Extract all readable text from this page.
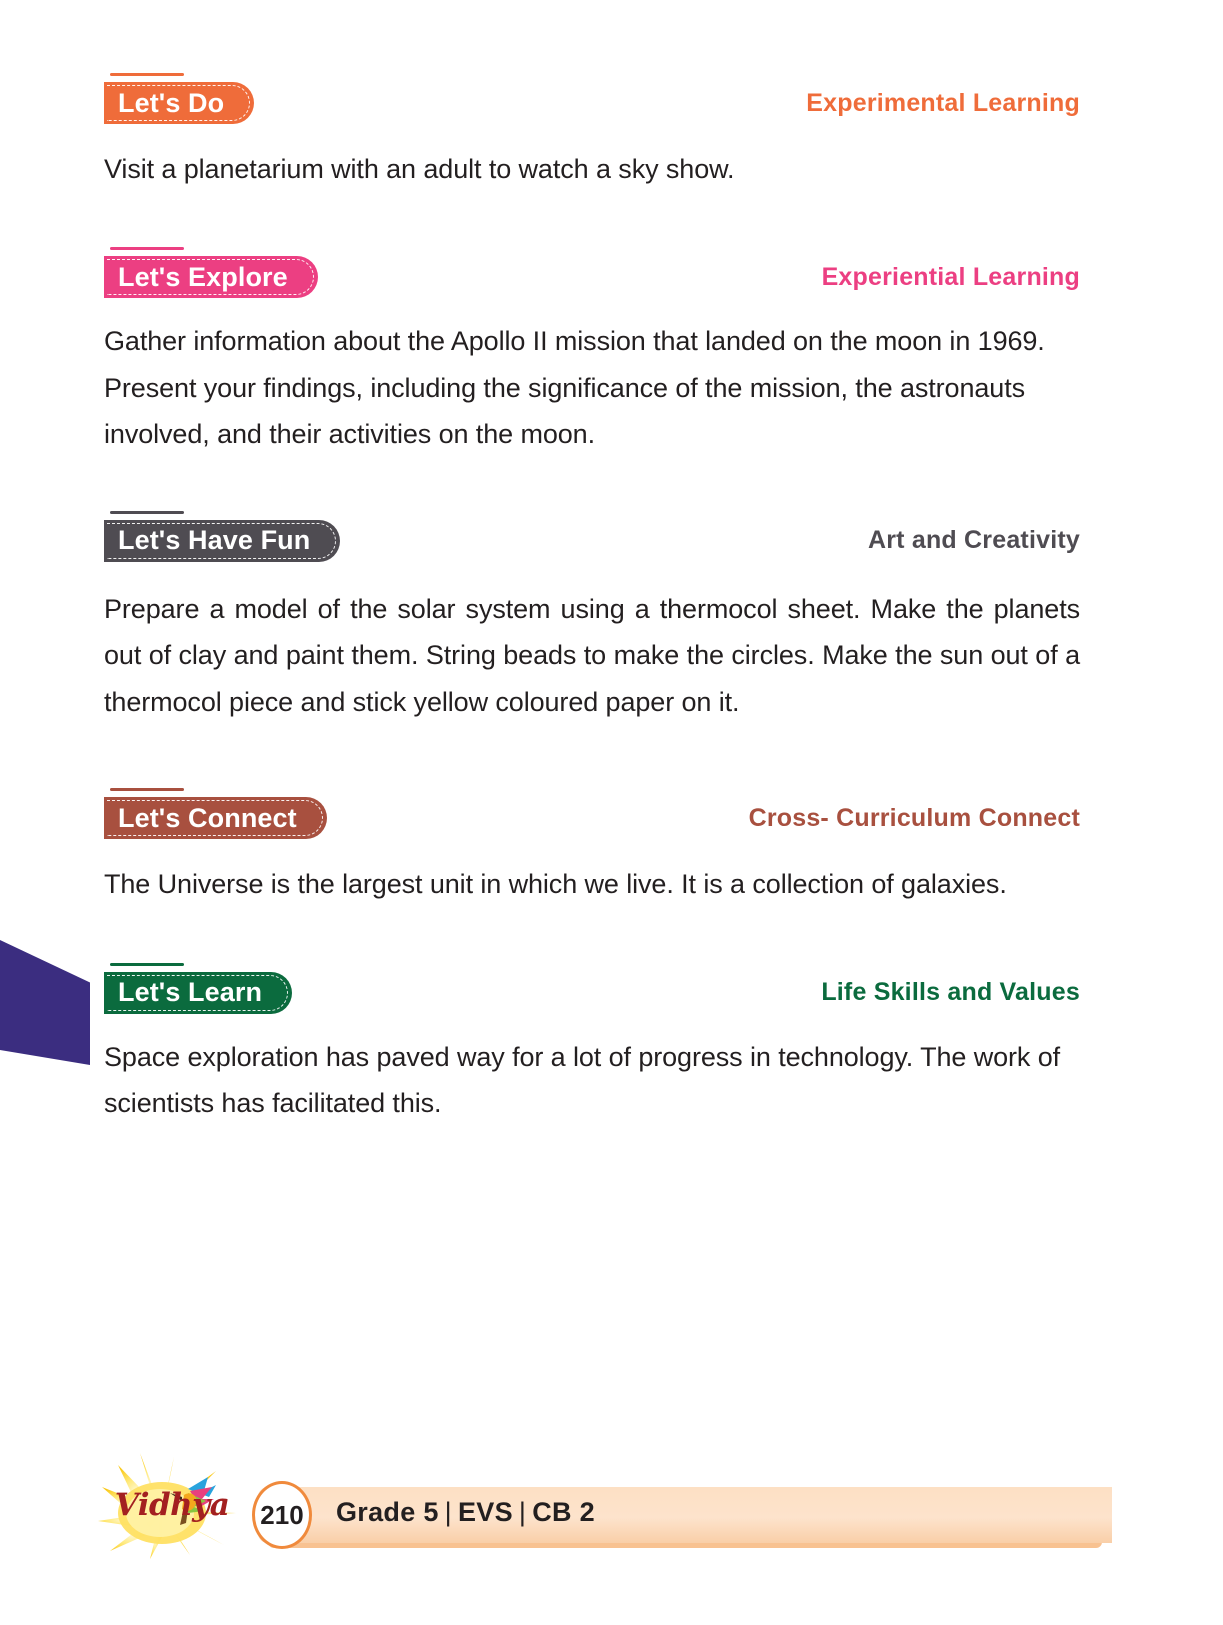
Let's Do	Experimental Learning

Visit a planetarium with an adult to watch a sky show.

Let's Explore	Experiential Learning

Gather information about the Apollo II mission that landed on the moon in 1969. Present your findings, including the significance of the mission, the astronauts involved, and their activities on the moon.

Let's Have Fun	Art and Creativity

Prepare a model of the solar system using a thermocol sheet. Make the planets out of clay and paint them. String beads to make the circles. Make the sun out of a thermocol piece and stick yellow coloured paper on it.

Let's Connect	Cross- Curriculum Connect

The Universe is the largest unit in which we live. It is a collection of galaxies.

Let's Learn	Life Skills and Values

Space exploration has paved way for a lot of progress in technology. The work of scientists has facilitated this.

Vidhya	210	Grade 5 | EVS | CB 2
